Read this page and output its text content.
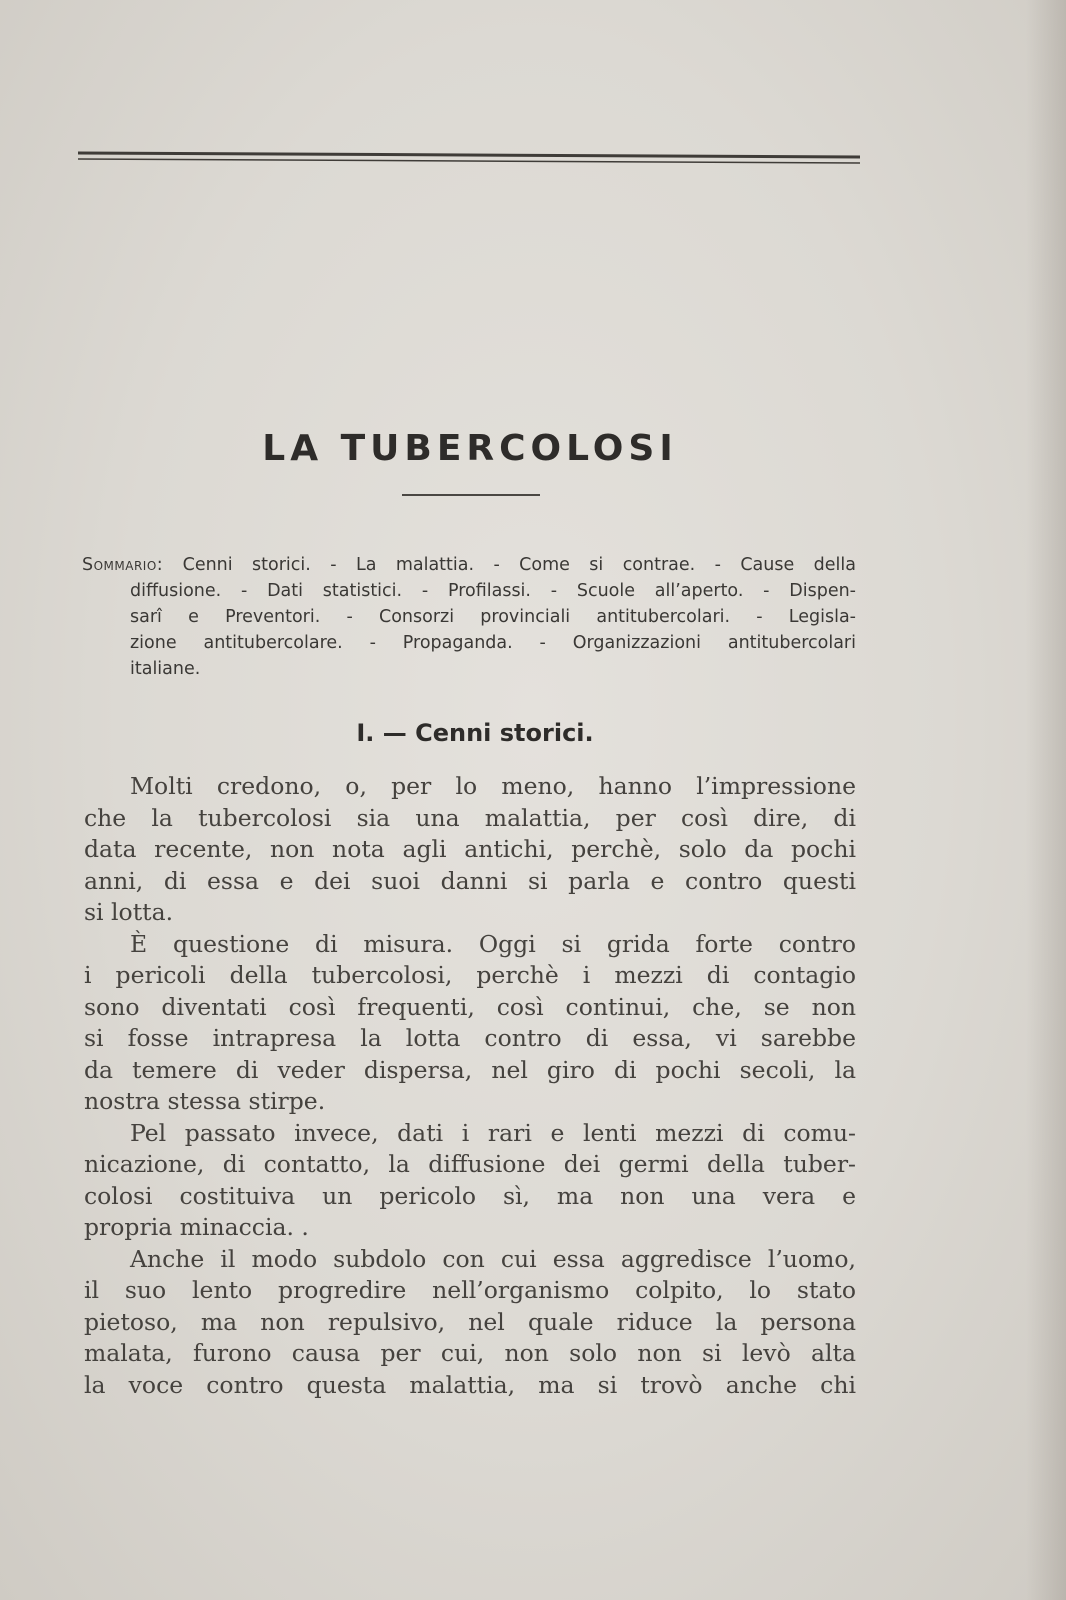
LA TUBERCOLOSI
Sommario: Cenni storici. - La malattia. - Come si contrae. - Cause della
diffusione. - Dati statistici. - Profilassi. - Scuole all’aperto. - Dispen-
sarî e Preventori. - Consorzi provinciali antitubercolari. - Legisla-
zione antitubercolare. - Propaganda. - Organizzazioni antitubercolari
italiane.
I. — Cenni storici.
Molti credono, o, per lo meno, hanno l’impressione
che la tubercolosi sia una malattia, per così dire, di
data recente, non nota agli antichi, perchè, solo da pochi
anni, di essa e dei suoi danni si parla e contro questi
si lotta.
È questione di misura. Oggi si grida forte contro
i pericoli della tubercolosi, perchè i mezzi di contagio
sono diventati così frequenti, così continui, che, se non
si fosse intrapresa la lotta contro di essa, vi sarebbe
da temere di veder dispersa, nel giro di pochi secoli, la
nostra stessa stirpe.
Pel passato invece, dati i rari e lenti mezzi di comu-
nicazione, di contatto, la diffusione dei germi della tuber-
colosi costituiva un pericolo sì, ma non una vera e
propria minaccia. .
Anche il modo subdolo con cui essa aggredisce l’uomo,
il suo lento progredire nell’organismo colpito, lo stato
pietoso, ma non repulsivo, nel quale riduce la persona
malata, furono causa per cui, non solo non si levò alta
la voce contro questa malattia, ma si trovò anche chi
